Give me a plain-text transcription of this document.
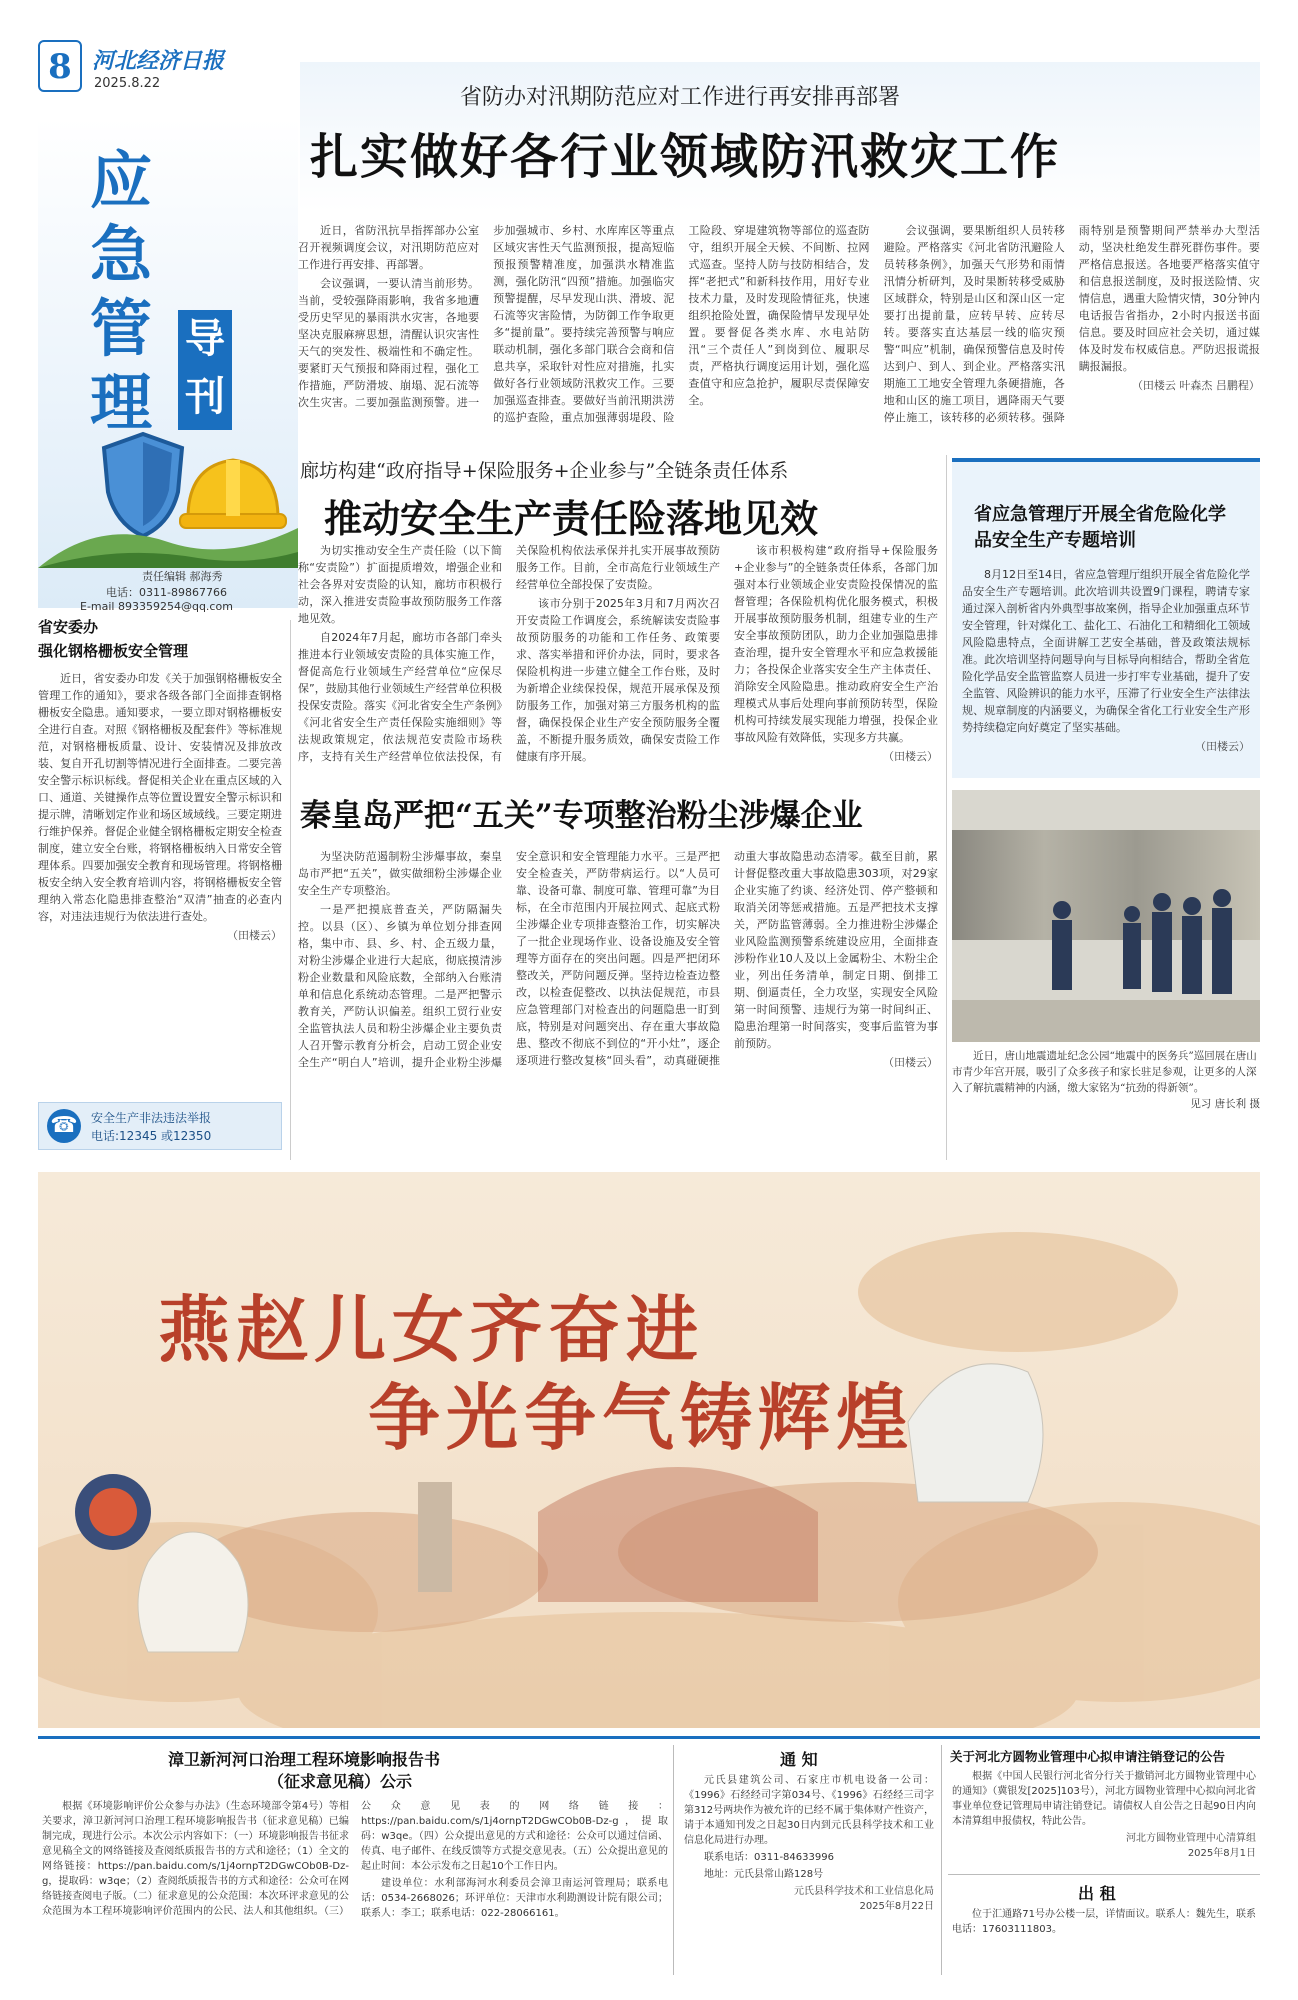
8 河北经济日报
2025.8.22
应急管理
导刊
责任编辑 郝海秀
电话：0311-89867766
E-mail 893359254@qq.com
省防办对汛期防范应对工作进行再安排再部署
扎实做好各行业领域防汛救灾工作

近日，省防汛抗旱指挥部办公室召开视频调度会议，对汛期防范应对工作进行再安排、再部署。

会议强调，一要认清当前形势。当前，受较强降雨影响，我省多地遭受历史罕见的暴雨洪水灾害，各地要坚决克服麻痹思想，清醒认识灾害性天气的突发性、极端性和不确定性。要紧盯天气预报和降雨过程，强化工作措施，严防滑坡、崩塌、泥石流等次生灾害。二要加强监测预警。进一步加强城市、乡村、水库库区等重点区域灾害性天气监测预报，提高短临预报预警精准度，加强洪水精准监测，强化防汛“四预”措施。加强临灾预警提醒，尽早发现山洪、滑坡、泥石流等灾害险情，为防御工作争取更多“提前量”。要持续完善预警与响应联动机制，强化多部门联合会商和信息共享，采取针对性应对措施，扎实做好各行业领域防汛救灾工作。三要加强巡查排查。要做好当前汛期洪涝的巡护查险，重点加强薄弱堤段、险工险段、穿堤建筑物等部位的巡查防守，组织开展全天候、不间断、拉网式巡查。坚持人防与技防相结合，发挥“老把式”和新科技作用，用好专业技术力量，及时发现险情征兆，快速组织抢险处置，确保险情早发现早处置。要督促各类水库、水电站防汛“三个责任人”到岗到位、履职尽责，严格执行调度运用计划，强化巡查值守和应急抢护，履职尽责保障安全。

会议强调，要果断组织人员转移避险。严格落实《河北省防汛避险人员转移条例》，加强天气形势和雨情汛情分析研判，及时果断转移受威胁区域群众，特别是山区和深山区一定要打出提前量，应转早转、应转尽转。要落实直达基层一线的临灾预警“叫应”机制，确保预警信息及时传达到户、到人、到企业。严格落实汛期施工工地安全管理九条硬措施，各地和山区的施工项目，遇降雨天气要停止施工，该转移的必须转移。强降雨特别是预警期间严禁举办大型活动，坚决杜绝发生群死群伤事件。要严格信息报送。各地要严格落实值守和信息报送制度，及时报送险情、灾情信息，遇重大险情灾情，30分钟内电话报告省指办，2小时内报送书面信息。要及时回应社会关切，通过媒体及时发布权威信息。严防迟报谎报瞒报漏报。

（田楼云 叶森杰 吕鹏程）
廊坊构建“政府指导+保险服务+企业参与”全链条责任体系
推动安全生产责任险落地见效

为切实推动安全生产责任险（以下简称“安责险”）扩面提质增效，增强企业和社会各界对安责险的认知，廊坊市积极行动，深入推进安责险事故预防服务工作落地见效。

自2024年7月起，廊坊市各部门牵头推进本行业领域安责险的具体实施工作，督促高危行业领域生产经营单位“应保尽保”，鼓励其他行业领域生产经营单位积极投保安责险。落实《河北省安全生产条例》《河北省安全生产责任保险实施细则》等法规政策规定，依法规范安责险市场秩序，支持有关生产经营单位依法投保，有关保险机构依法承保并扎实开展事故预防服务工作。目前，全市高危行业领域生产经营单位全部投保了安责险。

该市分别于2025年3月和7月两次召开安责险工作调度会，系统解读安责险事故预防服务的功能和工作任务、政策要求、落实举措和评价办法，同时，要求各保险机构进一步建立健全工作台账，及时为新增企业续保投保，规范开展承保及预防服务工作，加强对第三方服务机构的监督，确保投保企业生产安全预防服务全覆盖，不断提升服务质效，确保安责险工作健康有序开展。

该市积极构建“政府指导+保险服务+企业参与”的全链条责任体系，各部门加强对本行业领域企业安责险投保情况的监督管理；各保险机构优化服务模式，积极开展事故预防服务机制，组建专业的生产安全事故预防团队，助力企业加强隐患排查治理，提升安全管理水平和应急救援能力；各投保企业落实安全生产主体责任、消除安全风险隐患。推动政府安全生产治理模式从事后处理向事前预防转型，保险机构可持续发展实现能力增强，投保企业事故风险有效降低，实现多方共赢。

（田楼云）
秦皇岛严把“五关”专项整治粉尘涉爆企业

为坚决防范遏制粉尘涉爆事故，秦皇岛市严把“五关”，做实做细粉尘涉爆企业安全生产专项整治。

一是严把摸底普查关，严防隔漏失控。以县（区）、乡镇为单位划分排查网格，集中市、县、乡、村、企五级力量，对粉尘涉爆企业进行大起底，彻底摸清涉粉企业数量和风险底数，全部纳入台账清单和信息化系统动态管理。二是严把警示教育关，严防认识偏差。组织工贸行业安全监管执法人员和粉尘涉爆企业主要负责人召开警示教育分析会，启动工贸企业安全生产“明白人”培训，提升企业粉尘涉爆安全意识和安全管理能力水平。三是严把安全检查关，严防带病运行。以“人员可靠、设备可靠、制度可靠、管理可靠”为目标，在全市范围内开展拉网式、起底式粉尘涉爆企业专项排查整治工作，切实解决了一批企业现场作业、设备设施及安全管理等方面存在的突出问题。四是严把闭环整改关，严防问题反弹。坚持边检查边整改，以检查促整改、以执法促规范，市县应急管理部门对检查出的问题隐患一盯到底，特别是对问题突出、存在重大事故隐患、整改不彻底不到位的“开小灶”，逐企逐项进行整改复核“回头看”，动真碰硬推动重大事故隐患动态清零。截至目前，累计督促整改重大事故隐患303项，对29家企业实施了约谈、经济处罚、停产整顿和取消关闭等惩戒措施。五是严把技术支撑关，严防监管薄弱。全力推进粉尘涉爆企业风险监测预警系统建设应用，全面排查涉粉作业10人及以上金属粉尘、木粉尘企业，列出任务清单，制定日期、倒排工期、倒逼责任，全力攻坚，实现安全风险第一时间预警、违规行为第一时间纠正、隐患治理第一时间落实，变事后监管为事前预防。

（田楼云）
省安委办
强化钢格栅板安全管理

近日，省安委办印发《关于加强钢格栅板安全管理工作的通知》，要求各级各部门全面排查钢格栅板安全隐患。通知要求，一要立即对钢格栅板安全进行自查。对照《钢格栅板及配套件》等标准规范，对钢格栅板质量、设计、安装情况及排放改装、复自开孔切割等情况进行全面排查。二要完善安全警示标识标线。督促相关企业在重点区域的入口、通道、关键操作点等位置设置安全警示标识和提示牌，清晰划定作业和场区域域线。三要定期进行维护保养。督促企业健全钢格栅板定期安全检查制度，建立安全台账，将钢格栅板纳入日常安全管理体系。四要加强安全教育和现场管理。将钢格栅板安全纳入安全教育培训内容，将钢格栅板安全管理纳入常态化隐患排查整治“双清”抽查的必查内容，对违法违规行为依法进行查处。

（田楼云）
☎ 安全生产非法违法举报
电话:12345 或12350
省应急管理厅开展全省危险化学品安全生产专题培训

8月12日至14日，省应急管理厅组织开展全省危险化学品安全生产专题培训。此次培训共设置9门课程，聘请专家通过深入剖析省内外典型事故案例，指导企业加强重点环节安全管理，针对煤化工、盐化工、石油化工和精细化工领域风险隐患特点，全面讲解工艺安全基础，普及政策法规标准。此次培训坚持问题导向与目标导向相结合，帮助全省危险化学品安全监管监察人员进一步打牢专业基础，提升了安全监管、风险辨识的能力水平，压滞了行业安全生产法律法规、规章制度的内涵要义，为确保全省化工行业安全生产形势持续稳定向好奠定了坚实基础。

（田楼云）
近日，唐山地震遗址纪念公园“地震中的医务兵”巡回展在唐山市青少年宫开展，吸引了众多孩子和家长驻足参观，让更多的人深入了解抗震精神的内涵，缴大家铭为“抗劲的得新领”。
见习 唐长利 摄
燕赵儿女齐奋进
争光争气铸辉煌
漳卫新河河口治理工程环境影响报告书
（征求意见稿）公示

根据《环境影响评价公众参与办法》（生态环境部令第4号）等相关要求，漳卫新河河口治理工程环境影响报告书（征求意见稿）已编制完成，现进行公示。本次公示内容如下：（一）环境影响报告书征求意见稿全文的网络链接及查阅纸质报告书的方式和途径；（1）全文的网络链接：https://pan.baidu.com/s/1j4ornpT2DGwCOb0B-Dz-g，提取码：w3qe；（2）查阅纸质报告书的方式和途径：公众可在网络链接查阅电子版。（二）征求意见的公众范围：本次环评求意见的公众范围为本工程环境影响评价范围内的公民、法人和其他组织。（三）公众意见表的网络链接：https://pan.baidu.com/s/1j4ornpT2DGwCOb0B-Dz-g，提取码：w3qe。（四）公众提出意见的方式和途径：公众可以通过信函、传真、电子邮件、在线反馈等方式提交意见表。（五）公众提出意见的起止时间：本公示发布之日起10个工作日内。

建设单位：水利部海河水利委员会漳卫南运河管理局；联系电话：0534-2668026；环评单位：天津市水利勘测设计院有限公司；联系人：李工；联系电话：022-28066161。

通 知

元氏县建筑公司、石家庄市机电设备一公司：《1996》石经经司字第034号、《1996》石经经三司字第312号两块作为被允许的已经不属于集体财产性资产，请于本通知刊发之日起30日内到元氏县科学技术和工业信息化局进行办理。

联系电话：0311-84633996

地址：元氏县常山路128号

元氏县科学技术和工业信息化局
2025年8月22日
关于河北方圆物业管理中心拟申请注销登记的公告

根据《中国人民银行河北省分行关于撤销河北方圆物业管理中心的通知》（冀银发[2025]103号），河北方圆物业管理中心拟向河北省事业单位登记管理局申请注销登记。请债权人自公告之日起90日内向本清算组申报债权，特此公告。

河北方圆物业管理中心清算组
2025年8月1日
出 租

位于汇通路71号办公楼一层，详情面议。联系人：魏先生，联系电话：17603111803。
